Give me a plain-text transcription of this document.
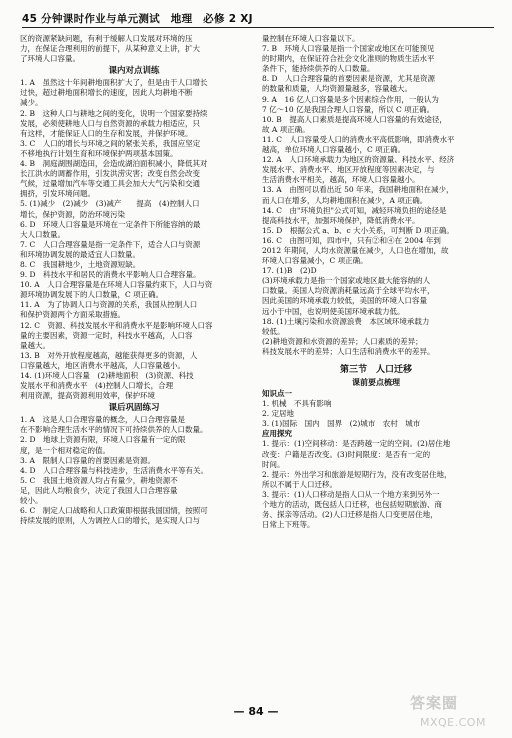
45 分钟课时作业与单元测试　地理　必修 2 XJ
区的资源紧缺问题，有利于缓解人口发展对环境的压
力，在保证合理利用的前提下，从某种意义上讲，扩大
了环境人口容量。
课内对点训练
1. A　虽然这十年间耕地面积扩大了，但是由于人口增长
过快，超过耕地面积增长的速度，因此人均耕地不断
减少。
2. B　这种人口与耕地之间的变化，说明一个国家要持续
发展，必须使耕地人口与自然资源的承载力相适应，只
有这样，才能保证人口的生存和发展，并保护环境。
3. C　人口的增长与环境之间的紧张关系，我国应坚定
不移地执行计划生育和环境保护两项基本国策。
4. B　洞庭湖围湖造田，会造成湖泊面积减小，降低其对
长江洪水的调蓄作用，引发洪涝灾害；改变自然会改变
气候，过量增加汽车等交通工具会加大大气污染和交通
拥挤，引发环境问题。
5. (1)减少　(2)减少　(3)减产　　提高　(4)控制人口
增长，保护资源，防治环境污染
6. D　环境人口容量是环境在一定条件下所能容纳的最
大人口数量。
7. C　人口合理容量是指一定条件下，适合人口与资源
和环境协调发展的最适宜人口数量。
8. C　我国耕地少，土地资源短缺。
9. D　科技水平和居民的消费水平影响人口合理容量。
10. A　人口合理容量是在环境人口容量约束下，人口与资
源环境协调发展下的人口数量，C 项正确。
11. A　为了协调人口与资源的关系，我国从控制人口
和保护资源两个方面采取措施。
12. C　资源、科技发展水平和消费水平是影响环境人口容
量的主要因素，资源一定时，科技水平越高，人口容
量越大。
13. B　对外开放程度越高，越能获得更多的资源，人
口容量越大，地区消费水平越高，人口容量越小。
14. (1)环境人口容量　(2)耕地面积　(3)资源、科技
发展水平和消费水平　(4)控制人口增长，合理
利用资源，提高资源利用效率，保护环境
课后巩固练习
1. A　这是人口合理容量的概念，人口合理容量是
在不影响合理生活水平的情况下可持续供养的人口数量。
2. D　地球上资源有限，环境人口容量有一定的限
度，是一个相对稳定的值。
3. A　限制人口容量的首要因素是资源。
4. D　人口合理容量与科技进步，生活消费水平等有关。
5. C　我国土地资源人均占有量少，耕地资源不
足，因此人均粮食少，决定了我国人口合理容量
较小。
6. C　制定人口战略和人口政策即根据我国国情，按照可
持续发展的原则，人为调控人口的增长，是实现人口与
量控制在环境人口容量以下。
7. B　环境人口容量是指一个国家或地区在可能预见
的时期内，在保证符合社会文化准则的物质生活水平
条件下，能持续供养的人口数量。
8. D　人口合理容量的首要因素是资源，尤其是资源
的数量和质量，人均资源量越多，容量越大。
9. A　16 亿人口容量是多个因素综合作用，一般认为
7 亿～10 亿是我国合理人口容量，所以 C 项正确。
10. B　提高人口素质是提高环境人口容量的有效途径，
故 A 项正确。
11. C　人口容量受人口的消费水平高低影响，即消费水平
越高，单位环境人口容量越小，C 项正确。
12. A　人口环境承载力为地区的资源量、科技水平、经济
发展水平、消费水平、地区开放程度等因素决定，与
生活消费水平相关，越高，环境人口容量越小。
13. A　由图可以看出近 50 年来，我国耕地面积在减少，
而人口在增多，人均耕地面积在减少，A 项正确。
14. C　由"环境负担"公式可知，减轻环境负担的途径是
提高科技水平，加强环境保护，降低消费水平。
15. D　根据公式 a、b、c 大小关系，可判断 D 项正确。
16. C　由图可知，四市中，只有②和④在 2004 年到
2012 年期间，人均水资源量在减少，人口也在增加，故
环境人口容量减小，C 项正确。
17. (1)B　(2)D
(3)环境承载力是指一个国家或地区最大能容纳的人
口数量。美国人均资源消耗量远高于全球平均水平，
因此美国的环境承载力较低，美国的环境人口容量
远小于中国，也说明使美国环境承载力低。
18. (1)土壤污染和水资源浪费　本区域环境承载力
较低。
(2)耕地资源和水资源的差异；人口素质的差异；
科技发展水平的差异；人口生活和消费水平的差异。
第三节　人口迁移
课前要点梳理
知识点一
1. 机械　不具有影响
2. 定居地
3. (1)国际　国内　国界　(2)城市　农村　城市
应用探究
1. 提示：(1)空间移动：是否跨越一定的空间。(2)居住地
改变：户籍是否改变。(3)时间限度：是否有一定的
时间。
2. 提示：外出学习和旅游是短期行为，没有改变居住地，
所以不属于人口迁移。
3. 提示：(1)人口移动是指人口从一个地方来到另外一
个地方的活动，既包括人口迁移，也包括短期旅游、商
务、探亲等活动。(2)人口迁移是指人口变更居住地，
日常上下班等。
— 84 —	答案圈
MXQE.COM
